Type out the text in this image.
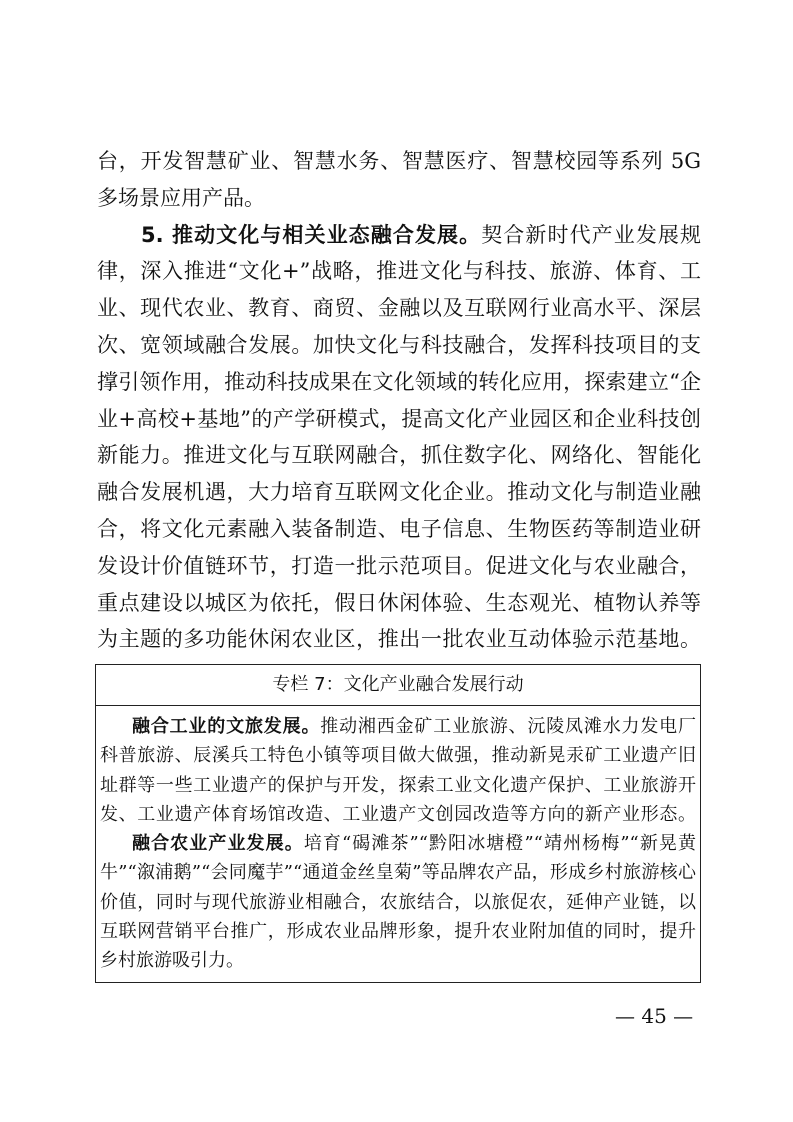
台，开发智慧矿业、智慧水务、智慧医疗、智慧校园等系列 5G
多场景应用产品。
5. 推动文化与相关业态融合发展。契合新时代产业发展规
律，深入推进“文化+”战略，推进文化与科技、旅游、体育、工
业、现代农业、教育、商贸、金融以及互联网行业高水平、深层
次、宽领域融合发展。加快文化与科技融合，发挥科技项目的支
撑引领作用，推动科技成果在文化领域的转化应用，探索建立“企
业+高校+基地”的产学研模式，提高文化产业园区和企业科技创
新能力。推进文化与互联网融合，抓住数字化、网络化、智能化
融合发展机遇，大力培育互联网文化企业。推动文化与制造业融
合，将文化元素融入装备制造、电子信息、生物医药等制造业研
发设计价值链环节，打造一批示范项目。促进文化与农业融合，
重点建设以城区为依托，假日休闲体验、生态观光、植物认养等
为主题的多功能休闲农业区，推出一批农业互动体验示范基地。
专栏 7：文化产业融合发展行动
融合工业的文旅发展。推动湘西金矿工业旅游、沅陵凤滩水力发电厂
科普旅游、辰溪兵工特色小镇等项目做大做强，推动新晃汞矿工业遗产旧
址群等一些工业遗产的保护与开发，探索工业文化遗产保护、工业旅游开
发、工业遗产体育场馆改造、工业遗产文创园改造等方向的新产业形态。
融合农业产业发展。培育“碣滩茶”“黔阳冰塘橙”“靖州杨梅”“新晃黄
牛”“溆浦鹅”“会同魔芋”“通道金丝皇菊”等品牌农产品，形成乡村旅游核心
价值，同时与现代旅游业相融合，农旅结合，以旅促农，延伸产业链，以
互联网营销平台推广，形成农业品牌形象，提升农业附加值的同时，提升
乡村旅游吸引力。
— 45 —
